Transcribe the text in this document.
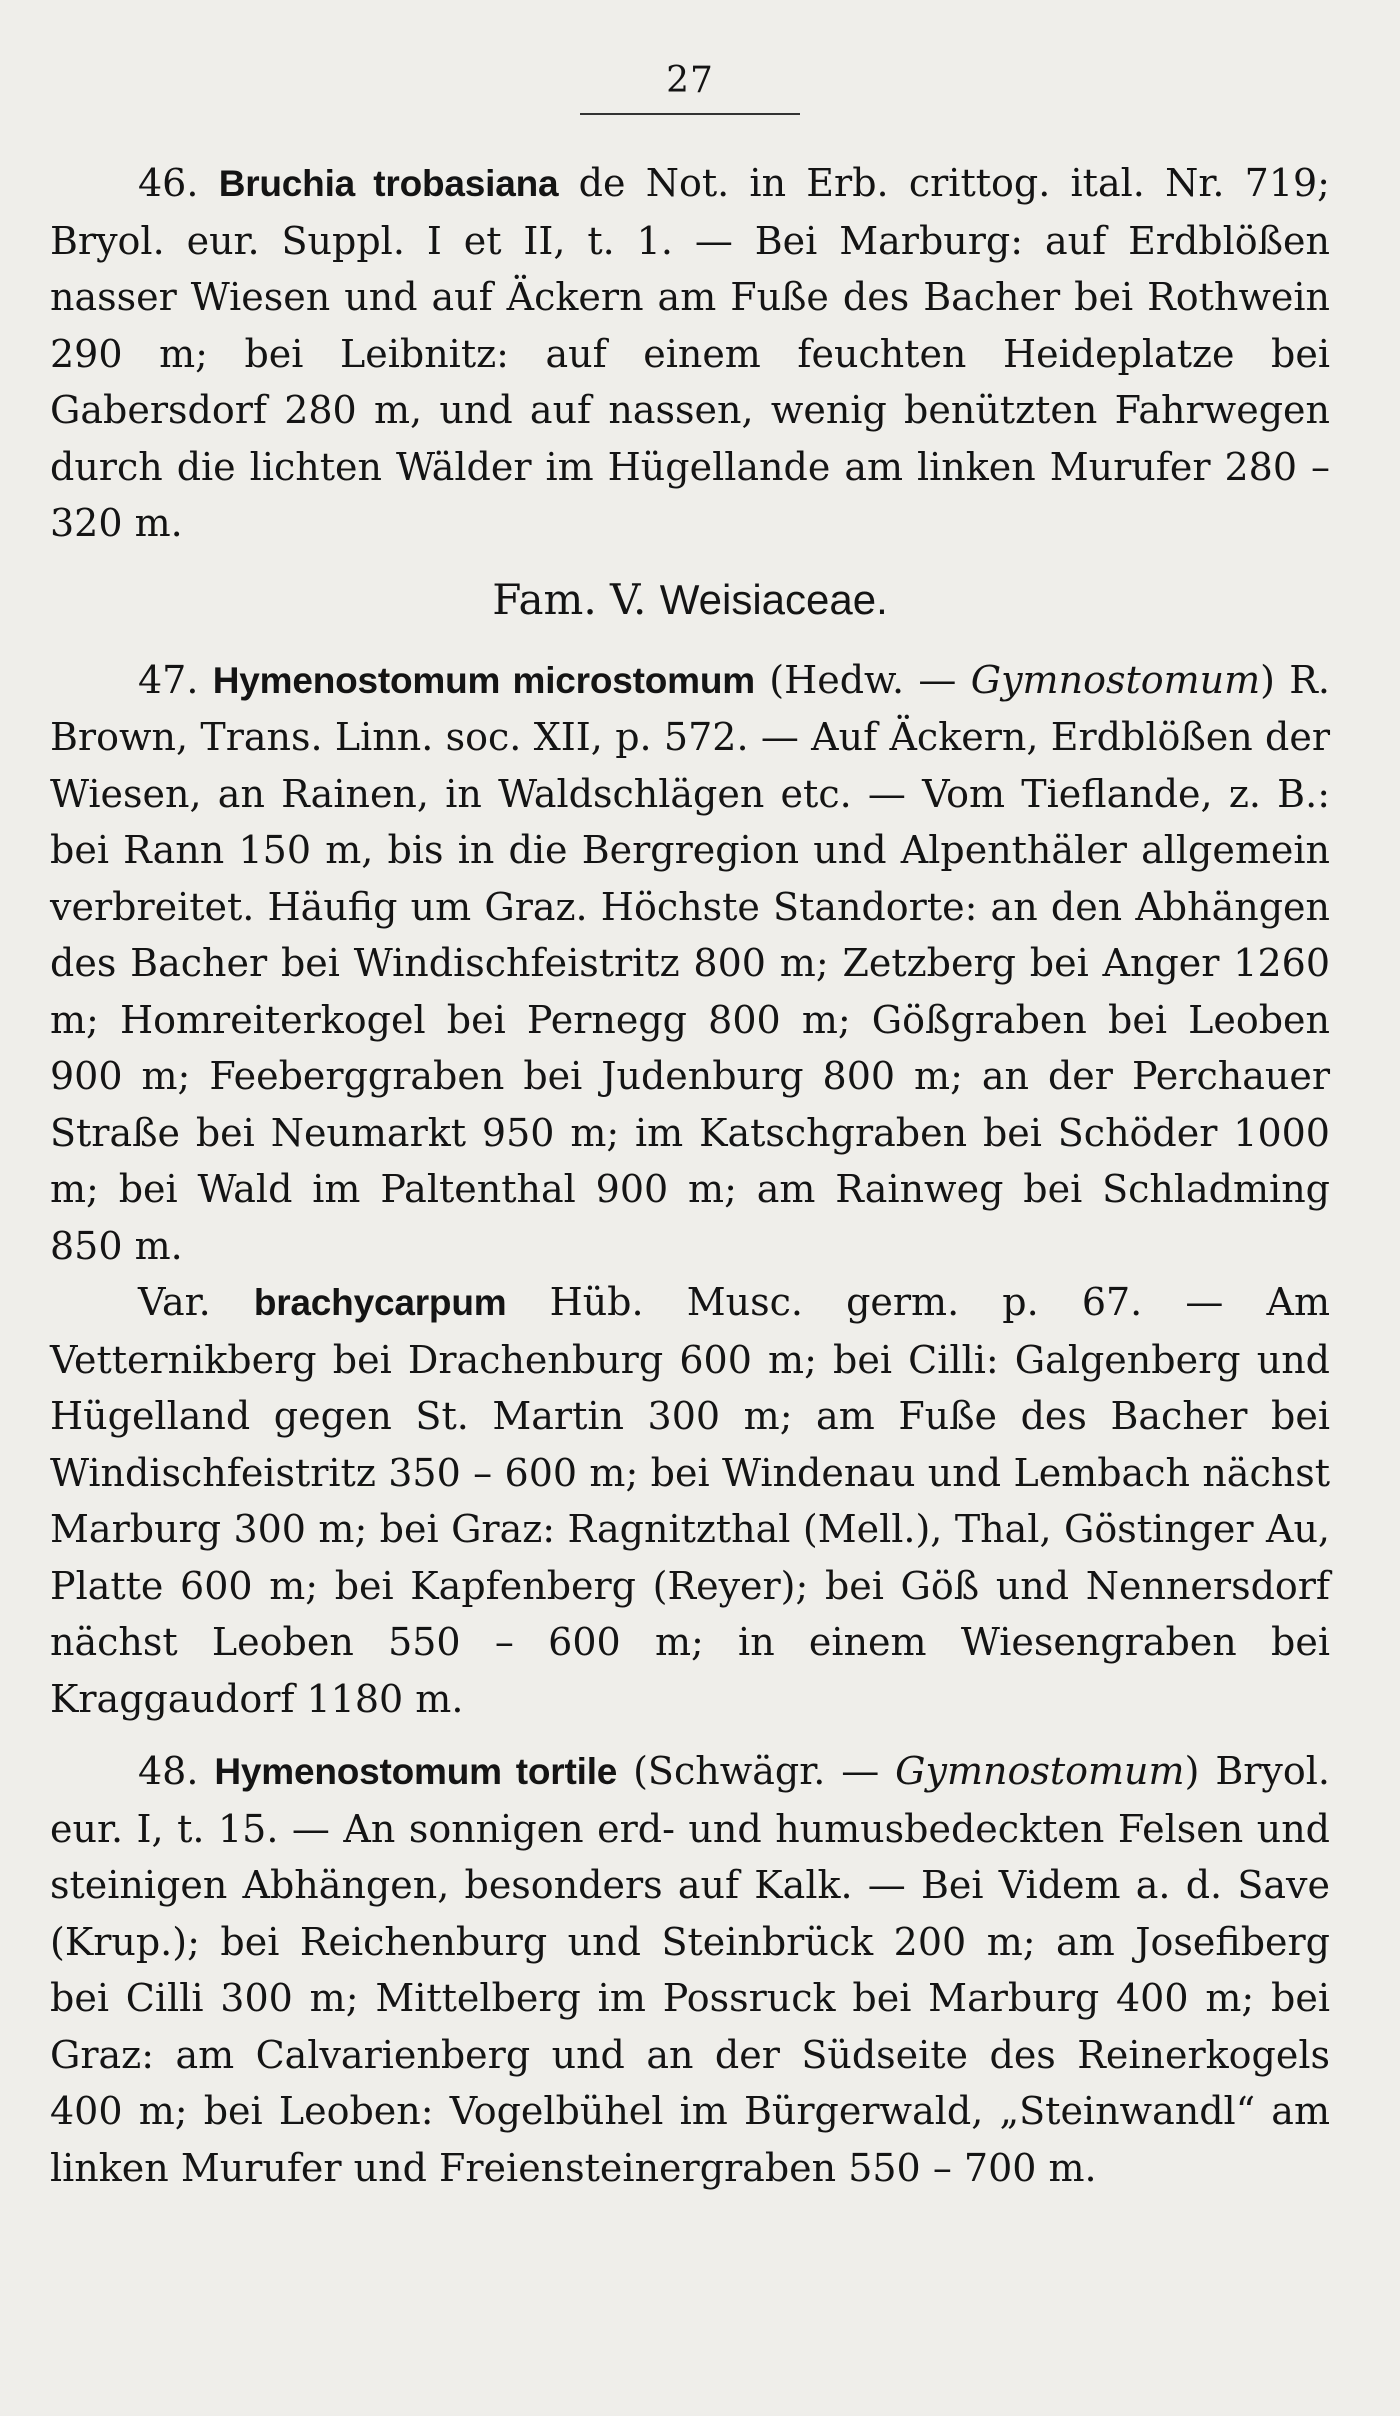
27

46. Bruchia trobasiana de Not. in Erb. crittog. ital. Nr. 719; Bryol. eur. Suppl. I et II, t. 1. — Bei Marburg: auf Erdblößen nasser Wiesen und auf Äckern am Fuße des Bacher bei Rothwein 290 m; bei Leibnitz: auf einem feuchten Heideplatze bei Gabersdorf 280 m, und auf nassen, wenig benützten Fahrwegen durch die lichten Wälder im Hügellande am linken Murufer 280 – 320 m.

Fam. V. Weisiaceae.

47. Hymenostomum microstomum (Hedw. — Gymnostomum) R. Brown, Trans. Linn. soc. XII, p. 572. — Auf Äckern, Erdblößen der Wiesen, an Rainen, in Waldschlägen etc. — Vom Tieflande, z. B.: bei Rann 150 m, bis in die Bergregion und Alpenthäler allgemein verbreitet. Häufig um Graz. Höchste Standorte: an den Abhängen des Bacher bei Windischfeistritz 800 m; Zetzberg bei Anger 1260 m; Homreiterkogel bei Pernegg 800 m; Gößgraben bei Leoben 900 m; Feeberggraben bei Judenburg 800 m; an der Perchauer Straße bei Neumarkt 950 m; im Katschgraben bei Schöder 1000 m; bei Wald im Paltenthal 900 m; am Rainweg bei Schladming 850 m.

Var. brachycarpum Hüb. Musc. germ. p. 67. — Am Vetternikberg bei Drachenburg 600 m; bei Cilli: Galgenberg und Hügelland gegen St. Martin 300 m; am Fuße des Bacher bei Windischfeistritz 350 – 600 m; bei Windenau und Lembach nächst Marburg 300 m; bei Graz: Ragnitzthal (Mell.), Thal, Göstinger Au, Platte 600 m; bei Kapfenberg (Reyer); bei Göß und Nennersdorf nächst Leoben 550 – 600 m; in einem Wiesengraben bei Kraggaudorf 1180 m.

48. Hymenostomum tortile (Schwägr. — Gymnostomum) Bryol. eur. I, t. 15. — An sonnigen erd- und humusbedeckten Felsen und steinigen Abhängen, besonders auf Kalk. — Bei Videm a. d. Save (Krup.); bei Reichenburg und Steinbrück 200 m; am Josefiberg bei Cilli 300 m; Mittelberg im Possruck bei Marburg 400 m; bei Graz: am Calvarienberg und an der Südseite des Reinerkogels 400 m; bei Leoben: Vogelbühel im Bürgerwald, „Steinwandl“ am linken Murufer und Freiensteinergraben 550 – 700 m.
